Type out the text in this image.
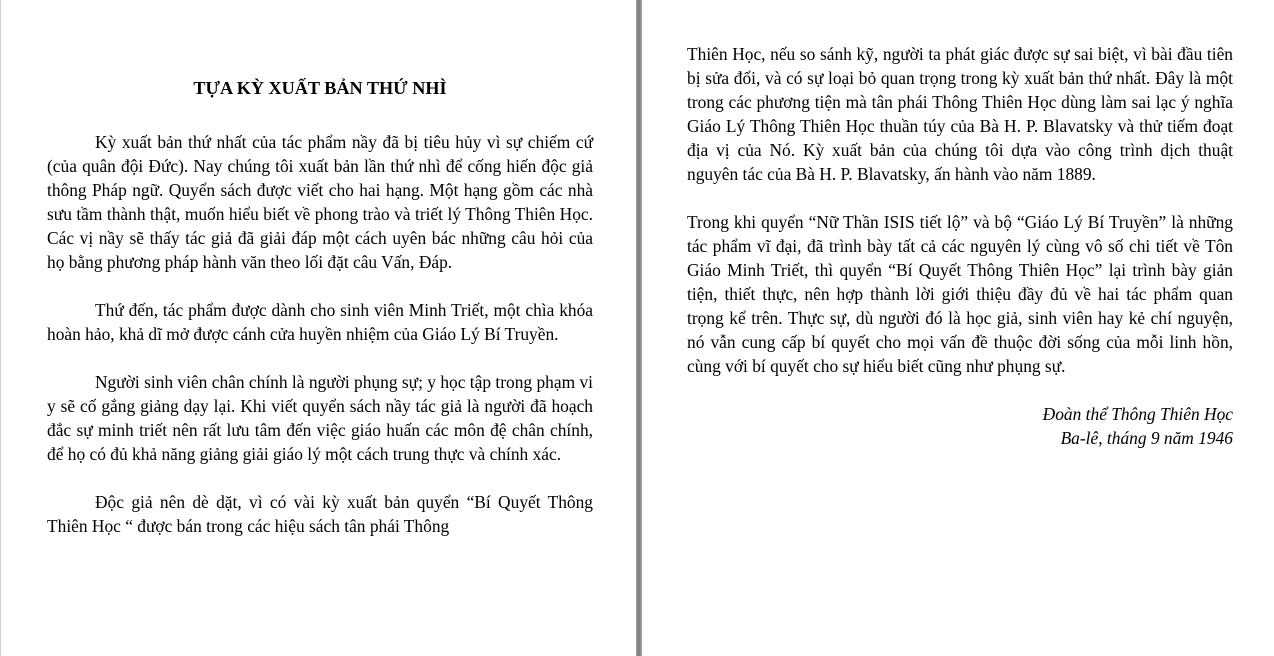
TỰA KỲ XUẤT BẢN THỨ NHÌ

Kỳ xuất bản thứ nhất của tác phẩm nầy đã bị tiêu hủy vì sự chiếm cứ (của quân đội Đức). Nay chúng tôi xuất bản lần thứ nhì để cống hiến độc giả thông Pháp ngữ. Quyển sách được viết cho hai hạng. Một hạng gồm các nhà sưu tầm thành thật, muốn hiểu biết về phong trào và triết lý Thông Thiên Học. Các vị nầy sẽ thấy tác giả đã giải đáp một cách uyên bác những câu hỏi của họ bằng phương pháp hành văn theo lối đặt câu Vấn, Đáp.

Thứ đến, tác phẩm được dành cho sinh viên Minh Triết, một chìa khóa hoàn hảo, khả dĩ mở được cánh cửa huyền nhiệm của Giáo Lý Bí Truyền.

Người sinh viên chân chính là người phụng sự; y học tập trong phạm vi y sẽ cố gắng giảng dạy lại. Khi viết quyển sách nầy tác giả là người đã hoạch đắc sự minh triết nên rất lưu tâm đến việc giáo huấn các môn đệ chân chính, để họ có đủ khả năng giảng giải giáo lý một cách trung thực và chính xác.

Độc giả nên dè dặt, vì có vài kỳ xuất bản quyển “Bí Quyết Thông Thiên Học “ được bán trong các hiệu sách tân phái Thông

Thiên Học, nếu so sánh kỹ, người ta phát giác được sự sai biệt, vì bài đầu tiên bị sửa đổi, và có sự loại bỏ quan trọng trong kỳ xuất bản thứ nhất. Đây là một trong các phương tiện mà tân phái Thông Thiên Học dùng làm sai lạc ý nghĩa Giáo Lý Thông Thiên Học thuần túy của Bà H. P. Blavatsky và thử tiếm đoạt địa vị của Nó. Kỳ xuất bản của chúng tôi dựa vào công trình dịch thuật nguyên tác của Bà H. P. Blavatsky, ấn hành vào năm 1889.

Trong khi quyển “Nữ Thần ISIS tiết lộ” và bộ “Giáo Lý Bí Truyền” là những tác phẩm vĩ đại, đã trình bày tất cả các nguyên lý cùng vô số chi tiết về Tôn Giáo Minh Triết, thì quyển “Bí Quyết Thông Thiên Học” lại trình bày giản tiện, thiết thực, nên hợp thành lời giới thiệu đầy đủ về hai tác phẩm quan trọng kể trên. Thực sự, dù người đó là học giả, sinh viên hay kẻ chí nguyện, nó vẫn cung cấp bí quyết cho mọi vấn đề thuộc đời sống của mỗi linh hồn, cùng với bí quyết cho sự hiểu biết cũng như phụng sự.

Đoàn thể Thông Thiên Học

Ba-lê, tháng 9 năm 1946
